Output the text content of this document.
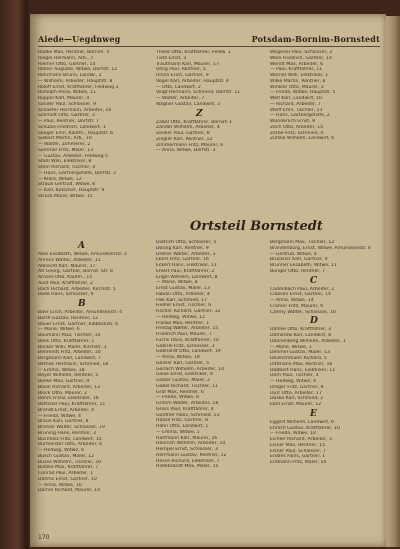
Aiede—Uegdnweg	Potsdam-Bornim-Bornstedt
Radke Max, Rentner, Bornim. 5
Riegel Hermann, Arb., 7
Riemer Otto, Gärtner, 14
Rößler Auguste, Witwe, Dorfstr. 12
Rohrmann Bruno, Landw., 2
— Wilhelm, Arbeiter, Hauptstr. 8
Roloff Ernst, Kraftfahrer, Feldweg 3
Rudolph Anna, Witwe, 11
Ruppel Karl, Maurer, 4
Sander Paul, Schlosser, 9
Schaefer Hermann, Arbeiter, 16
Schmidt Otto, Gärtner, 3
— Paul, Rentner, Dorfstr. 7
Schulze Friedrich, Landwirt, 1
Seeger Emil, Kaufm., Hauptstr. 6
Siebert Martin, Arb., 10
— Walter, Zimmerer, 2
Sommer Fritz, Maler, 13
— Gustav, Arbeiter, Feldweg 5
Stahl Willi, Elektriker, 8
Stein Richard, Tischler, 4
— Hans, Gärtnergehilfe, Dorfstr. 2
— Klara, Witwe, 12
Strauß Gertrud, Witwe, 6
— Karl, Kutscher, Hauptstr. 9
Struck Marie, Witwe, 15
Thiele Otto, Kraftfahrer, Feldw. 1
Tietz Ernst, 3
Trautmann Karl, Maurer, 17
Uhlig Paul, Rentner, 5
Ulrich Erich, Gärtner, 9
Vogel Karl, Arbeiter, Hauptstr. 4
— Otto, Landwirt, 2
Voigt Hermann, Schmied, Dorfstr. 11
— Walter, Arbeiter, 7
Wagner Gustav, Landwirt, 3
Z
Zabel Otto, Kraftfahrer, Bornim 1
Zander Wilhelm, Arbeiter, 4
Zeidler Paul, Gärtner, 8
Ziegler Karl, Rentner, 12
Zimmermann Fritz, Maurer, 6
— Anna, Witwe, Dorfstr. 3
Wegener Paul, Schlosser, 2
Weiß Friedrich, Gärtner, 14
Wendt Max, Arbeiter, 6
— Paul, Kraftfahrer, 11
Werner Willi, Elektriker, 1
Wilke Martin, Rentner, 8
Winkler Otto, Maurer, 3
— Frieda, Witwe, Hauptstr. 5
Wolf Karl, Landwirt, 10
— Richard, Arbeiter, 7
Wolff Emil, Tischler, 13
— Hans, Gärtnergehilfe, 2
Wunderlich Ernst, 9
Zech Otto, Arbeiter, 15
Zerbe Fritz, Schmied, 4
Zühlke Wilhelm, Landwirt, 6
Ortsteil Bornstedt
A
Abel Elisabeth, Witwe, Amundsenstr. 3
Ahrens Walter, Arbeiter, 11
Albrecht Karl, Maurer, 17
Alt Georg, Gärtner, Bornst. Str. 8
Arnold Otto, Kaufm., 15
Aust Paul, Kraftfahrer, 2
Bach Richard, Arbeiter, Kirchstr. 5
Bade Hans, Schlosser, 9
B
Baer Erich, Arbeiter, Amundsenstr. 4
Barth Gustav, Rentner, 12
Bauer Ernst, Gärtner, Ribbeckstr. 6
— Marie, Witwe, 6
Baumann Paul, Tischler, 14
Beck Otto, Kraftfahrer, 1
Becker Willi, Maler, Kirchstr. 3
Behrendt Fritz, Arbeiter, 10
Bergmann Karl, Landwirt, 7
Bethke Hermann, Schmied, 18
— Emma, Witwe, 18
Beyer Wilhelm, Rentner, 5
Bielke Max, Gärtner, 9
Blank Richard, Arbeiter, 13
Block Otto, Maurer, 2
Böhm Franz, Elektriker, 16
Böttcher Paul, Kraftfahrer, 11
Brandt Ernst, Arbeiter, 4
— Frieda, Witwe, 4
Braun Karl, Gärtner, 8
Bremer Walter, Schlosser, 19
Brüning Hans, Rentner, 3
Buchholz Fritz, Landwirt, 15
Burmeister Otto, Arbeiter, 6
— Hedwig, Witwe, 6
Busch Gustav, Maler, 12
Busse Wilhelm, Tischler, 20
Butzke Max, Kraftfahrer, 7
Conrad Paul, Arbeiter, 1
Dahms Ernst, Gärtner, 10
— Anna, Witwe, 10
Damm Richard, Maurer, 14
Dietrich Otto, Schlosser, 5
Döring Karl, Rentner, 9
Dreher Walter, Arbeiter, 3
Ebert Fritz, Gärtner, 16
Eckert Hans, Elektriker, 11
Ehlert Paul, Kraftfahrer, 2
Engel Wilhelm, Landwirt, 8
— Marie, Witwe, 8
Ernst Gustav, Maler, 13
Fabian Otto, Arbeiter, 4
Falk Karl, Schmied, 17
Fiedler Ernst, Tischler, 6
Fischer Richard, Gärtner, 12
— Hedwig, Witwe, 12
Franke Max, Rentner, 1
Freitag Walter, Arbeiter, 15
Friedrich Paul, Maurer, 7
Fuchs Hans, Kraftfahrer, 10
Gabriel Fritz, Schlosser, 3
Gebhardt Otto, Landwirt, 19
— Anna, Witwe, 19
Geisler Karl, Gärtner, 5
Gerlach Wilhelm, Arbeiter, 14
Giese Ernst, Elektriker, 9
Glaser Gustav, Maler, 2
Göbel Richard, Tischler, 11
Graf Max, Rentner, 6
— Frieda, Witwe, 6
Grimm Walter, Arbeiter, 18
Gross Paul, Kraftfahrer, 4
Günther Hans, Schmied, 13
Haase Fritz, Gärtner, 8
Hahn Otto, Landwirt, 1
— Emma, Witwe, 1
Hartmann Karl, Maurer, 16
Heinrich Wilhelm, Arbeiter, 10
Hempel Ernst, Schlosser, 3
Herrmann Gustav, Rentner, 12
Hesse Richard, Elektriker, 7
Hildebrandt Max, Maler, 15
Bergmann Max, Tischler, 12
Brandenburg, Ernst, Witwe, Amundsenstr. 4
— Gertrud, Witwe, 4
Brückner Karl, Gärtner, 9
Brunner Elisabeth, Witwe, 11
Bünger Otto, Rentner, 7
C
Cadenbach Paul, Arbeiter, 2
Claasen Ernst, Gärtner, 14
— Anna, Witwe, 14
Cramer Fritz, Maurer, 6
Czerny Walter, Schlosser, 10
D
Dahlke Otto, Kraftfahrer, 3
Damerow Karl, Landwirt, 8
Dannenberg Wilhelm, Arbeiter, 1
— Marie, Witwe, 1
Dehmel Gustav, Maler, 13
Deutschmann Richard, 5
Dittmann Max, Rentner, 16
Dobbert Hans, Elektriker, 11
Dorn Paul, Tischler, 4
— Hedwig, Witwe, 4
Dreger Fritz, Gärtner, 9
Dürr Otto, Arbeiter, 17
Duske Karl, Schmied, 2
Ebel Ernst, Maurer, 12
E
Eggert Wilhelm, Landwirt, 6
Ehrlich Gustav, Kraftfahrer, 10
— Frieda, Witwe, 10
Eichler Richard, Arbeiter, 3
Eisner Max, Rentner, 15
Elsner Paul, Schlosser, 7
Endres Hans, Gärtner, 1
Erdmann Fritz, Maler, 14
170
